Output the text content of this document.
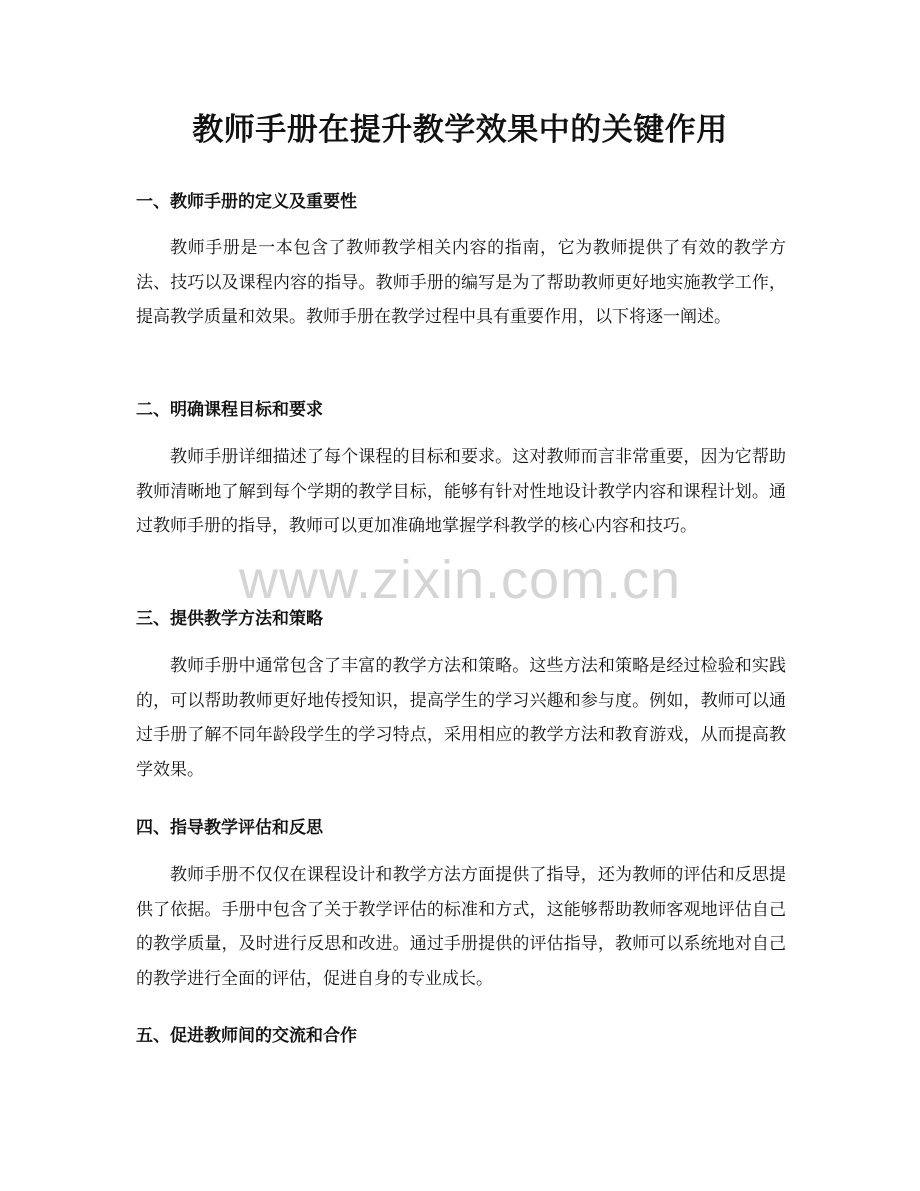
教师手册在提升教学效果中的关键作用
一、教师手册的定义及重要性

教师手册是一本包含了教师教学相关内容的指南，它为教师提供了有效的教学方法、技巧以及课程内容的指导。教师手册的编写是为了帮助教师更好地实施教学工作，提高教学质量和效果。教师手册在教学过程中具有重要作用，以下将逐一阐述。

二、明确课程目标和要求

教师手册详细描述了每个课程的目标和要求。这对教师而言非常重要，因为它帮助教师清晰地了解到每个学期的教学目标，能够有针对性地设计教学内容和课程计划。通过教师手册的指导，教师可以更加准确地掌握学科教学的核心内容和技巧。

三、提供教学方法和策略

教师手册中通常包含了丰富的教学方法和策略。这些方法和策略是经过检验和实践的，可以帮助教师更好地传授知识，提高学生的学习兴趣和参与度。例如，教师可以通过手册了解不同年龄段学生的学习特点，采用相应的教学方法和教育游戏，从而提高教学效果。

四、指导教学评估和反思

教师手册不仅仅在课程设计和教学方法方面提供了指导，还为教师的评估和反思提供了依据。手册中包含了关于教学评估的标准和方式，这能够帮助教师客观地评估自己的教学质量，及时进行反思和改进。通过手册提供的评估指导，教师可以系统地对自己的教学进行全面的评估，促进自身的专业成长。

五、促进教师间的交流和合作
www.zixin.com.cn
